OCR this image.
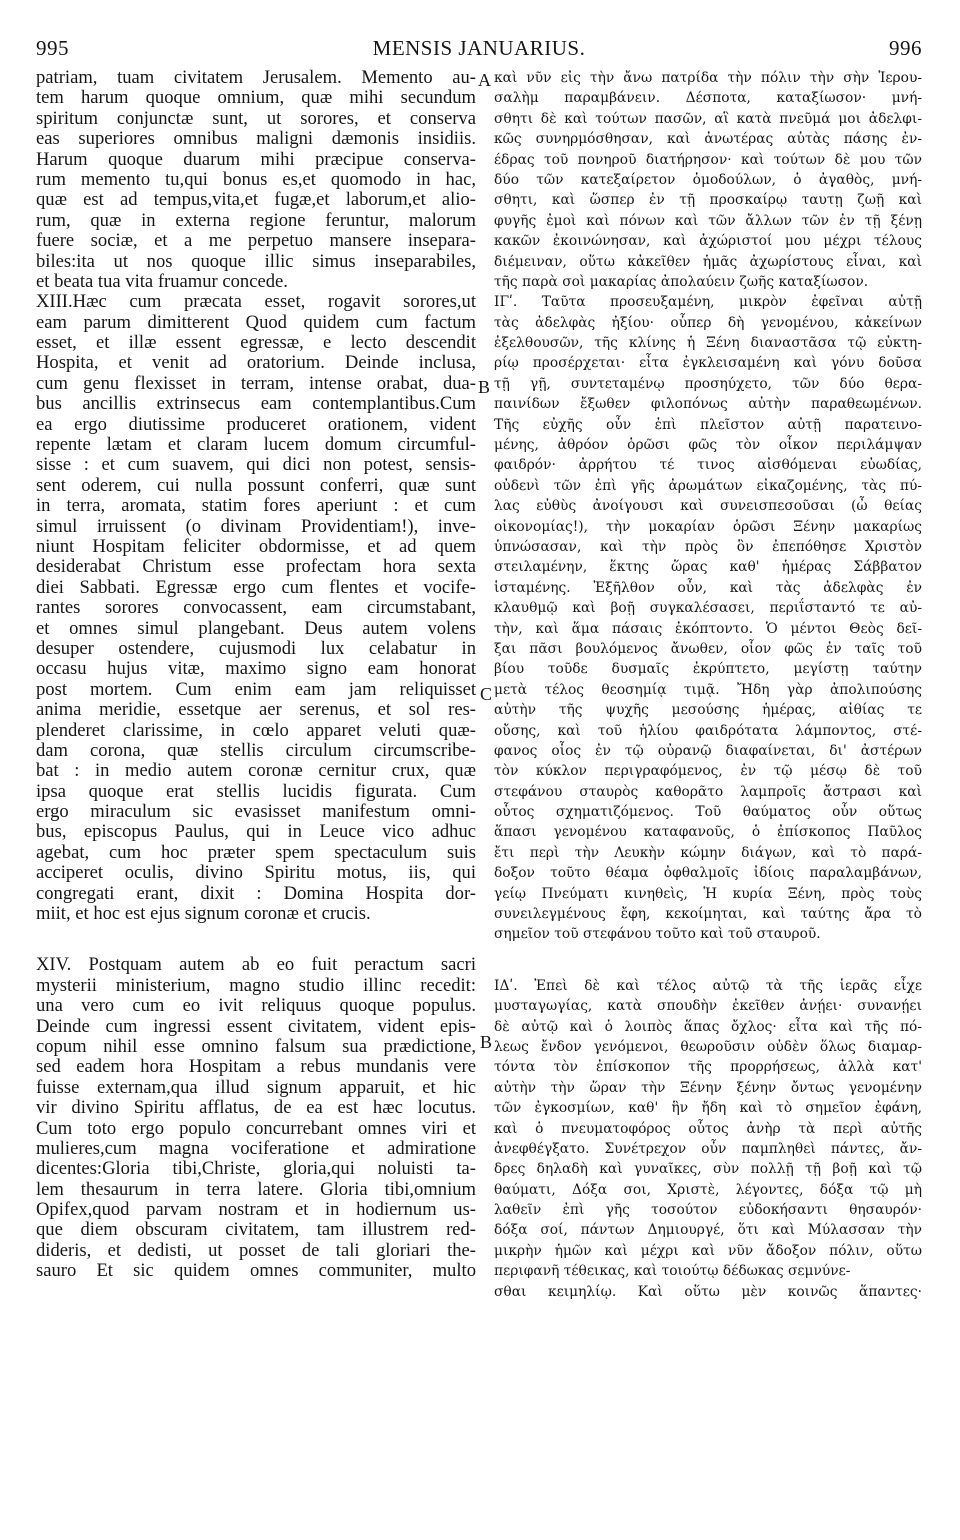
995	MENSIS JANUARIUS.	996
A
B
C
B
patriam, tuam civitatem Jerusalem. Memento au-
tem harum quoque omnium, quæ mihi secundum
spiritum conjunctæ sunt, ut sorores, et conserva
eas superiores omnibus maligni dæmonis insidiis.
Harum quoque duarum mihi præcipue conserva-
rum memento tu,qui bonus es,et quomodo in hac,
quæ est ad tempus,vita,et fugæ,et laborum,et alio-
rum, quæ in externa regione feruntur, malorum
fuere sociæ, et a me perpetuo mansere insepara-
biles:ita ut nos quoque illic simus inseparabiles,
et beata tua vita fruamur concede.
XIII.Hæc cum præcata esset, rogavit sorores,ut
eam parum dimitterent Quod quidem cum factum
esset, et illæ essent egressæ, e lecto descendit
Hospita, et venit ad oratorium. Deinde inclusa,
cum genu flexisset in terram, intense orabat, dua-
bus ancillis extrinsecus eam contemplantibus.Cum
ea ergo diutissime produceret orationem, vident
repente lætam et claram lucem domum circumful-
sisse : et cum suavem, qui dici non potest, sensis-
sent oderem, cui nulla possunt conferri, quæ sunt
in terra, aromata, statim fores aperiunt : et cum
simul irruissent (o divinam Providentiam!), inve-
niunt Hospitam feliciter obdormisse, et ad quem
desiderabat Christum esse profectam hora sexta
diei Sabbati. Egressæ ergo cum flentes et vocife-
rantes sorores convocassent, eam circumstabant,
et omnes simul plangebant. Deus autem volens
desuper ostendere, cujusmodi lux celabatur in
occasu hujus vitæ, maximo signo eam honorat
post mortem. Cum enim eam jam reliquisset
anima meridie, essetque aer serenus, et sol res-
plenderet clarissime, in cœlo apparet veluti quæ-
dam corona, quæ stellis circulum circumscribe-
bat : in medio autem coronæ cernitur crux, quæ
ipsa quoque erat stellis lucidis figurata. Cum
ergo miraculum sic evasisset manifestum omni-
bus, episcopus Paulus, qui in Leuce vico adhuc
agebat, cum hoc præter spem spectaculum suis
acciperet oculis, divino Spiritu motus, iis, qui
congregati erant, dixit : Domina Hospita dor-
miit, et hoc est ejus signum coronæ et crucis.
XIV. Postquam autem ab eo fuit peractum sacri
mysterii ministerium, magno studio illinc recedit:
una vero cum eo ivit reliquus quoque populus.
Deinde cum ingressi essent civitatem, vident epis-
copum nihil esse omnino falsum sua prædictione,
sed eadem hora Hospitam a rebus mundanis vere
fuisse externam,qua illud signum apparuit, et hic
vir divino Spiritu afflatus, de ea est hæc locutus.
Cum toto ergo populo concurrebant omnes viri et
mulieres,cum magna vociferatione et admiratione
dicentes:Gloria tibi,Christe, gloria,qui noluisti ta-
lem thesaurum in terra latere. Gloria tibi,omnium
Opifex,quod parvam nostram et in hodiernum us-
que diem obscuram civitatem, tam illustrem red-
dideris, et dedisti, ut posset de tali gloriari the-
sauro Et sic quidem omnes communiter, multo
καὶ νῦν εἰς τὴν ἄνω πατρίδα τὴν πόλιν τὴν σὴν Ἱερου-
σαλὴμ παραμβάνειν. Δέσποτα, καταξίωσον· μνή-
σθητι δὲ καὶ τούτων πασῶν, αἳ κατὰ πνεῦμά μοι ἀδελφι-
κῶς συνηρμόσθησαν, καὶ ἀνωτέρας αὐτὰς πάσης ἐν-
έδρας τοῦ πονηροῦ διατήρησον· καὶ τούτων δὲ μου τῶν
δύο τῶν κατεξαίρετον ὁμοδούλων, ὁ ἀγαθὸς, μνή-
σθητι, καὶ ὥσπερ ἐν τῇ προσκαίρῳ ταυτῃ ζωῇ καὶ
φυγῆς ἐμοὶ καὶ πόνων καὶ τῶν ἄλλων τῶν ἐν τῇ ξένῃ
κακῶν ἐκοινώνησαν, καὶ ἀχώριστοί μου μέχρι τέλους
διέμειναν, οὕτω κἀκεῖθεν ἡμᾶς ἀχωρίστους εἶναι, καὶ
τῆς παρὰ σοὶ μακαρίας ἀπολαύειν ζωῆς καταξίωσον.
ΙΓʹ. Ταῦτα προσευξαμένη, μικρὸν ἐφεῖναι αὐτῇ
τὰς ἀδελφὰς ἠξίου· οὗπερ δὴ γενομένου, κἀκείνων
ἐξελθουσῶν, τῆς κλίνης ἡ Ξένη διαναστᾶσα τῷ εὐκτη-
ρίῳ προσέρχεται· εἶτα ἐγκλεισαμένη καὶ γόνυ δοῦσα
τῇ γῇ, συντεταμένῳ προσηύχετο, τῶν δύο θερα-
παινίδων ἔξωθεν φιλοπόνως αὐτὴν παραθεωμένων.
Τῆς εὐχῆς οὖν ἐπὶ πλεῖστον αὐτῇ παρατεινο-
μένης, ἀθρόον ὁρῶσι φῶς τὸν οἶκον περιλάμψαν
φαιδρόν· ἀρρήτου τέ τινος αἰσθόμεναι εὐωδίας,
οὐδενὶ τῶν ἐπὶ γῆς ἀρωμάτων εἰκαζομένης, τὰς πύ-
λας εὐθὺς ἀνοίγουσι καὶ συνεισπεσοῦσαι (ὦ θείας
οἰκονομίας!), τὴν μοκαρίαν ὁρῶσι Ξένην μακαρίως
ὑπνώσασαν, καὶ τὴν πρὸς ὃν ἐπεπόθησε Χριστὸν
στειλαμένην, ἕκτης ὥρας καθ' ἡμέρας Σάββατον
ἱσταμένης. Ἐξῆλθον οὖν, καὶ τὰς ἀδελφὰς ἐν
κλαυθμῷ καὶ βοῇ συγκαλέσασει, περιΐσταντό τε αὐ-
τὴν, καὶ ἅμα πάσαις ἐκόπτοντο. Ὁ μέντοι Θεὸς δεῖ-
ξαι πᾶσι βουλόμενος ἄνωθεν, οἷον φῶς ἐν ταῖς τοῦ
βίου τοῦδε δυσμαῖς ἐκρύπτετο, μεγίστῃ ταύτην
μετὰ τέλος θεοσημίᾳ τιμᾷ. Ἤδη γὰρ ἀπολιπούσης
αὐτὴν τῆς ψυχῆς μεσούσης ἡμέρας, αἰθίας τε
οὔσης, καὶ τοῦ ἡλίου φαιδρότατα λάμποντος, στέ-
φανος οἷος ἐν τῷ οὐρανῷ διαφαίνεται, δι' ἀστέρων
τὸν κύκλον περιγραφόμενος, ἐν τῷ μέσῳ δὲ τοῦ
στεφάνου σταυρὸς καθορᾶτο λαμπροῖς ἄστρασι καὶ
οὗτος σχηματιζόμενος. Τοῦ θαύματος οὖν οὕτως
ἅπασι γενομένου καταφανοῦς, ὁ ἐπίσκοπος Παῦλος
ἔτι περὶ τὴν Λευκὴν κώμην διάγων, καὶ τὸ παρά-
δοξον τοῦτο θέαμα ὀφθαλμοῖς ἰδίοις παραλαμβάνων,
γείῳ Πνεύματι κινηθεὶς, Ἡ κυρία Ξένη, πρὸς τοὺς
συνειλεγμένους ἔφη, κεκοίμηται, καὶ ταύτης ἄρα τὸ
σημεῖον τοῦ στεφάνου τοῦτο καὶ τοῦ σταυροῦ.
ΙΔʹ. Ἐπεὶ δὲ καὶ τέλος αὐτῷ τὰ τῆς ἱερᾶς εἶχε
μυσταγωγίας, κατὰ σπουδὴν ἐκεῖθεν ἀνῄει· συνανῄει
δὲ αὐτῷ καὶ ὁ λοιπὸς ἅπας ὄχλος· εἶτα καὶ τῆς πό-
λεως ἔνδον γενόμενοι, θεωροῦσιν οὐδὲν ὅλως διαμαρ-
τόντα τὸν ἐπίσκοπον τῆς προρρήσεως, ἀλλὰ κατ'
αὐτὴν τὴν ὥραν τὴν Ξένην ξένην ὄντως γενομένην
τῶν ἐγκοσμίων, καθ' ἣν ἤδη καὶ τὸ σημεῖον ἐφάνη,
καὶ ὁ πνευματοφόρος οὗτος ἀνὴρ τὰ περὶ αὐτῆς
ἀνεφθέγξατο. Συνέτρεχον οὖν παμπληθεὶ πάντες, ἄν-
δρες δηλαδὴ καὶ γυναῖκες, σὺν πολλῇ τῇ βοῇ καὶ τῷ
θαύματι, Δόξα σοι, Χριστὲ, λέγοντες, δόξα τῷ μὴ
λαθεῖν ἐπὶ γῆς τοσούτον εὐδοκήσαντι θησαυρόν·
δόξα σοί, πάντων Δημιουργέ, ὅτι καὶ Μύλασσαν τὴν
μικρὴν ἡμῶν καὶ μέχρι καὶ νῦν ἄδοξον πόλιν, οὕτω
περιφανῆ τέθεικας, καὶ τοιούτῳ δέδωκας σεμνύνε-
σθαι κειμηλίῳ. Καὶ οὕτω μὲν κοινῶς ἅπαντες·
